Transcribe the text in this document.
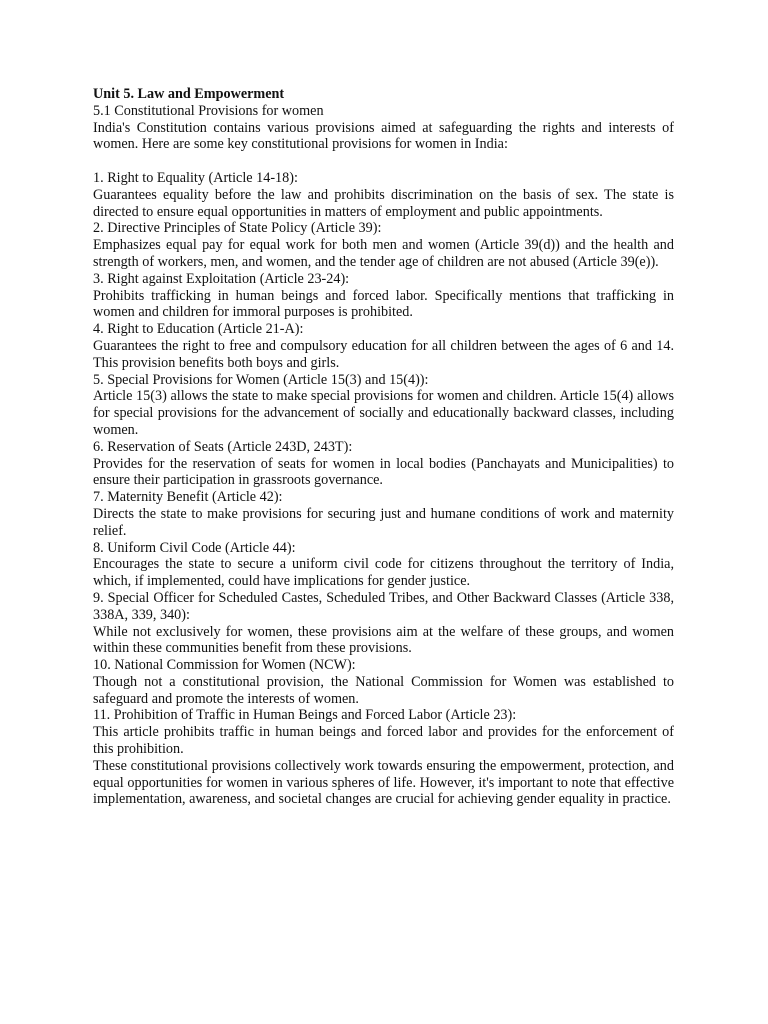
Unit 5. Law and Empowerment

5.1 Constitutional Provisions for women

India's Constitution contains various provisions aimed at safeguarding the rights and interests of women. Here are some key constitutional provisions for women in India:

1. Right to Equality (Article 14-18):

Guarantees equality before the law and prohibits discrimination on the basis of sex. The state is directed to ensure equal opportunities in matters of employment and public appointments.

2. Directive Principles of State Policy (Article 39):

Emphasizes equal pay for equal work for both men and women (Article 39(d)) and the health and strength of workers, men, and women, and the tender age of children are not abused (Article 39(e)).

3. Right against Exploitation (Article 23-24):

Prohibits trafficking in human beings and forced labor. Specifically mentions that trafficking in women and children for immoral purposes is prohibited.

4. Right to Education (Article 21-A):

Guarantees the right to free and compulsory education for all children between the ages of 6 and 14. This provision benefits both boys and girls.

5. Special Provisions for Women (Article 15(3) and 15(4)):

Article 15(3) allows the state to make special provisions for women and children. Article 15(4) allows for special provisions for the advancement of socially and educationally backward classes, including women.

6. Reservation of Seats (Article 243D, 243T):

Provides for the reservation of seats for women in local bodies (Panchayats and Municipalities) to ensure their participation in grassroots governance.

7. Maternity Benefit (Article 42):

Directs the state to make provisions for securing just and humane conditions of work and maternity relief.

8. Uniform Civil Code (Article 44):

Encourages the state to secure a uniform civil code for citizens throughout the territory of India, which, if implemented, could have implications for gender justice.

9. Special Officer for Scheduled Castes, Scheduled Tribes, and Other Backward Classes (Article 338, 338A, 339, 340):

While not exclusively for women, these provisions aim at the welfare of these groups, and women within these communities benefit from these provisions.

10. National Commission for Women (NCW):

Though not a constitutional provision, the National Commission for Women was established to safeguard and promote the interests of women.

11. Prohibition of Traffic in Human Beings and Forced Labor (Article 23):

This article prohibits traffic in human beings and forced labor and provides for the enforcement of this prohibition.

These constitutional provisions collectively work towards ensuring the empowerment, protection, and equal opportunities for women in various spheres of life. However, it's important to note that effective implementation, awareness, and societal changes are crucial for achieving gender equality in practice.
